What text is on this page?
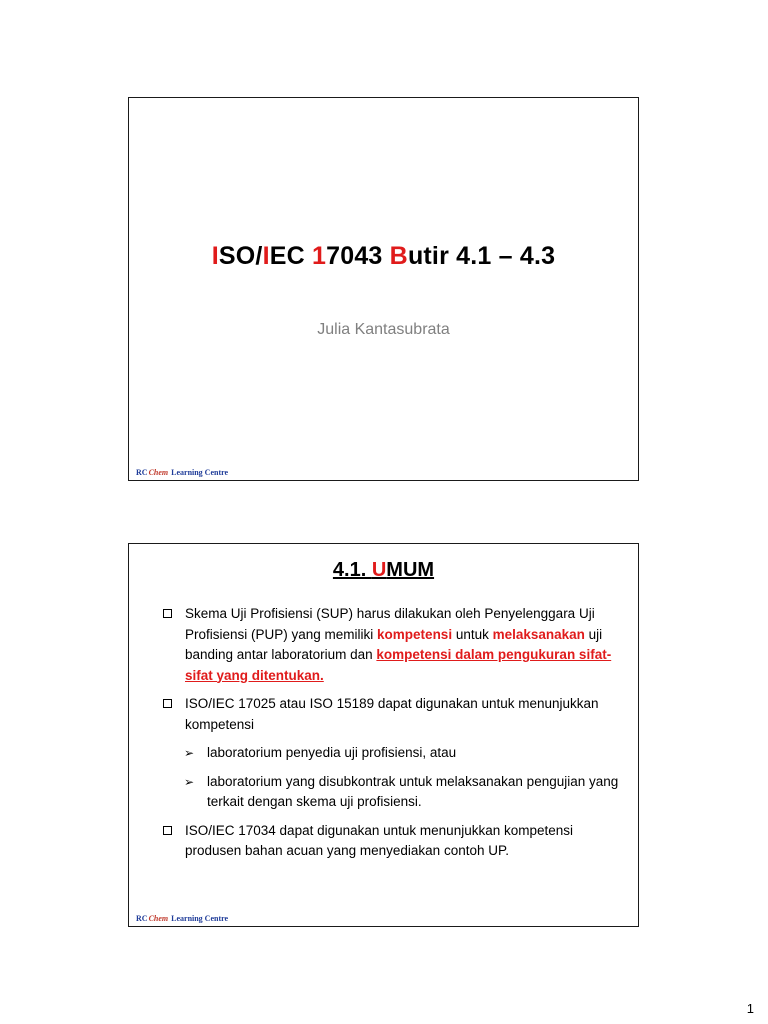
ISO/IEC 17043 Butir 4.1 – 4.3
Julia Kantasubrata
RCChem Learning Centre
4.1. UMUM
Skema Uji Profisiensi (SUP) harus dilakukan oleh Penyelenggara Uji Profisiensi (PUP) yang memiliki kompetensi untuk melaksanakan uji banding antar laboratorium dan kompetensi dalam pengukuran sifat-sifat yang ditentukan.
ISO/IEC 17025 atau ISO 15189 dapat digunakan untuk menunjukkan kompetensi
➢ laboratorium penyedia uji profisiensi, atau
➢ laboratorium yang disubkontrak untuk melaksanakan pengujian yang terkait dengan skema uji profisiensi.
ISO/IEC 17034 dapat digunakan untuk menunjukkan kompetensi produsen bahan acuan yang menyediakan contoh UP.
RCChem Learning Centre
1
